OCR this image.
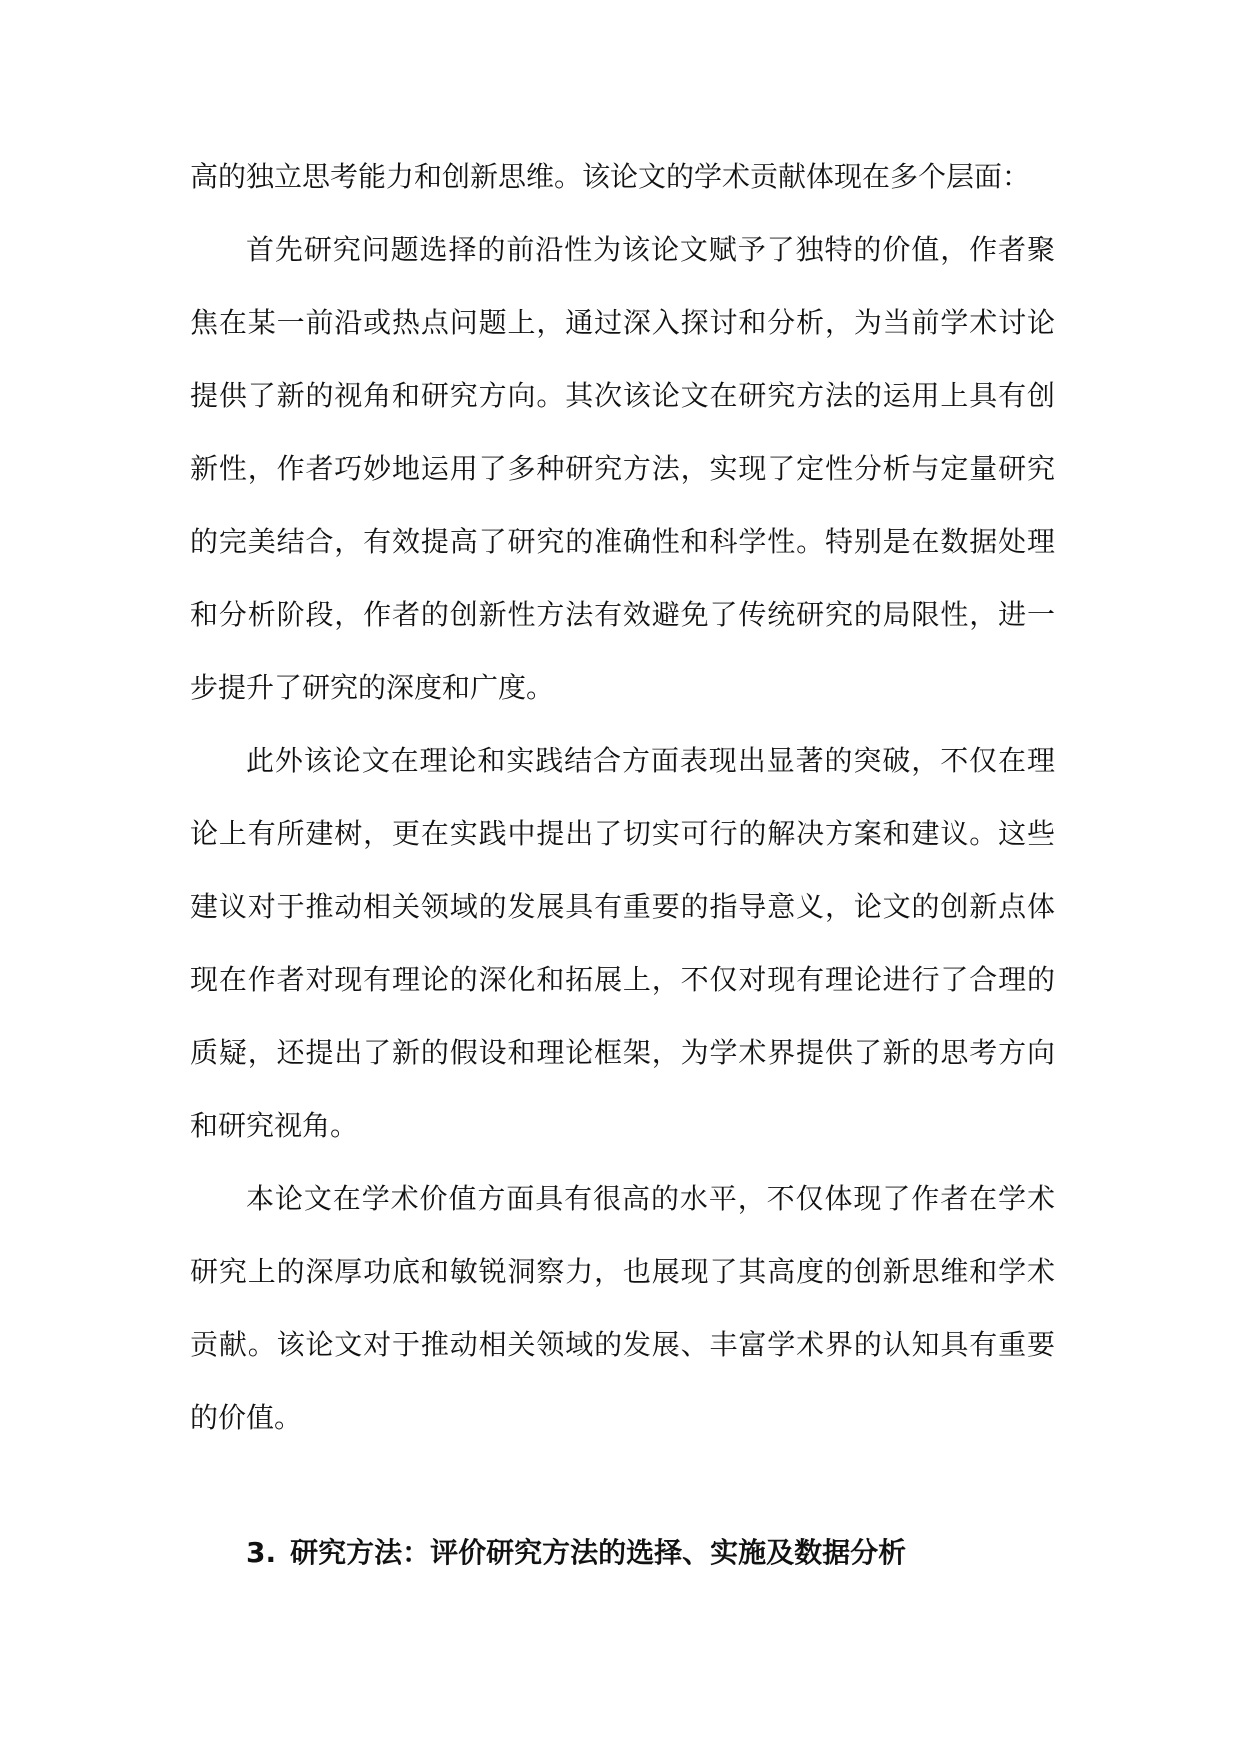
高的独立思考能力和创新思维。该论文的学术贡献体现在多个层面：

首先研究问题选择的前沿性为该论文赋予了独特的价值，作者聚焦在某一前沿或热点问题上，通过深入探讨和分析，为当前学术讨论提供了新的视角和研究方向。其次该论文在研究方法的运用上具有创新性，作者巧妙地运用了多种研究方法，实现了定性分析与定量研究的完美结合，有效提高了研究的准确性和科学性。特别是在数据处理和分析阶段，作者的创新性方法有效避免了传统研究的局限性，进一步提升了研究的深度和广度。

此外该论文在理论和实践结合方面表现出显著的突破，不仅在理论上有所建树，更在实践中提出了切实可行的解决方案和建议。这些建议对于推动相关领域的发展具有重要的指导意义，论文的创新点体现在作者对现有理论的深化和拓展上，不仅对现有理论进行了合理的质疑，还提出了新的假设和理论框架，为学术界提供了新的思考方向和研究视角。

本论文在学术价值方面具有很高的水平，不仅体现了作者在学术研究上的深厚功底和敏锐洞察力，也展现了其高度的创新思维和学术贡献。该论文对于推动相关领域的发展、丰富学术界的认知具有重要的价值。

3. 研究方法：评价研究方法的选择、实施及数据分析
